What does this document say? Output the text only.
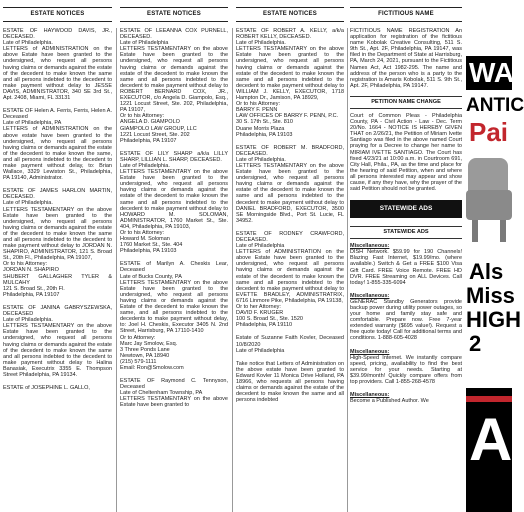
ESTATE NOTICES	ESTATE NOTICES	ESTATE NOTICES	FICTITIOUS NAME

ESTATE OF HAYWOOD DAVIS, JR., DECEASED.
Late of Philadelphia.
LETTERS of ADMINISTRATION on the above Estate have been granted to the undersigned, who request all persons having claims or demands against the estate of the decedent to make known the same and all persons indebted to the decedent to make payment without delay to JESSE DAVIS, ADMINISTRATOR, 340 SE 3rd St., Apt. 2408, Miami, FL 33131

ESTATE OF Helen A. Ferris, Ferris, Helen A. Deceased
Late of Philadelphia, PA
LETTERS of ADMINISTRATION on the above estate have been granted to the undersigned, who request all persons having claims or demands against the estate of the decedent to make known the same, and all persons indebted to the decedent to make payment without delay, to: Brian Wallace, 3329 Lewiston St., Philadelphia, PA 19140, Administrator.

ESTATE OF JAMES HARLON MARTIN, DECEASED.
Late of Philadelphia.
LETTERS TESTAMENTARY on the above Estate have been granted to the undersigned, who request all persons having claims or demands against the estate of the decedent to make known the same and all persons indebted to the decedent to make payment without delay to JORDAN N. SHAPIRO, ADMINISTRATOR, 121 S. Broad St., 20th Fl., Philadelphia, PA 19107,
Or to his Attorney:
JORDAN N. SHAPIRO
SHUBERT GALLAGHER TYLER & MULCAHY
121 S. Broad St., 20th Fl.
Philadelphia, PA 19107

ESTATE OF JANINA GABRYSZEWSKA, DECEASED
Late of Philadelphia.
LETTERS TESTAMENTARY on the above Estate have been granted to the undersigned, who request all persons having claims or demands against the estate of the decedent to make known the same and all persons indebted to the decedent to make payment without delay to Halina Banasiak, Executrix 3355 E. Thompson Street Philadelphia, PA 19134.

ESTATE of JOSEPHINE L. GALLO,

ESTATE OF LEEANNA COX PURNELL, DECEASED.
Late of Philadelphia
LETTERS TESTAMENTARY on the above Estate have been granted to the undersigned, who request all persons having claims or demands against the estate of the decedent to make known the same and all persons indebted to the decedent to make payment without delay to ROBERT BERNARD COX, JR., EXECUTOR, c/o Angela D. Giampolo, Esq., 1221 Locust Street, Ste. 202, Philadelphia, PA 19107,
Or to his Attorney:
ANGELA D. GIAMPOLO
GIAMPOLO LAW GROUP, LLC
1221 Locust Street, Ste. 202
Philadelphia, PA 19107

ESTATE OF LILY SHARP a/k/a LILLY SHARP, LILLIAN L. SHARP, DECEASED.
Late of Philadelphia.
LETTERS TESTAMENTARY on the above Estate have been granted to the undersigned, who request all persons having claims or demands against the estate of the decedent to make known the same and all persons indebted to the decedent to make payment without delay to HOWARD M. SOLOMAN, ADMINISTRATOR, 1760 Market St., Ste. 404, Philadelphia, PA 19103,
Or to his Attorney:
Howard M. Soloman
1760 Market St., Ste. 404
Philadelphia, PA 19103

ESTATE of Marilyn A. Cheskis Lear, Deceased
Late of Bucks County, PA
LETTERS TESTAMENTARY on the above Estate have been granted to the undersigned, who request all persons having claims or demands against the Estate of the decedent to make known the same, and all persons indebted to the decedents to make payment without delay, to: Joel H. Cheskis, Executor 3405 N. 2nd Street, Harrisburg, PA 17110-1410
Or to Attorney:
Marc Jay Smolow, Esq.
3 Three Ponds Lane
Newtown, PA 18940
(215) 579-1111
Email: Ron@Smolow.com

ESTATE OF Raymond C. Tennyson, Deceased
Late of Cheltenham Township, PA
LETTERS TESTAMENTARY on the above Estate have been granted to

ESTATE OF ROBERT A. KELLY, a/k/a ROBERT KELLY, DECEASED.
Late of Philadelphia.
LETTERS TESTAMENTARY on the above Estate have been granted to the undersigned, who request all persons having claims or demands against the estate of the decedent to make known the same and all persons indebted to the decedent to make payment without delay to WILLIAM J. KELLY, EXECUTOR, 1718 Hampton Dr., Jamison, PA 18929,
Or to his Attorney:
BARRY F. PENN
LAW OFFICES OF BARRY F. PENN, P.C.
30 S. 17th St., Ste. 810
Duane Morris Plaza
Philadelphia, PA 19103

ESTATE OF ROBERT M. BRADFORD, DECEASED.
Late of Philadelphia.
LETTERS TESTAMENTARY on the above Estate have been granted to the undersigned, who request all persons having claims or demands against the estate of the decedent to make known the same and all persons indebted to the decedent to make payment without delay to DANIEL BRADFORD, EXECUTOR, 3500 SE Morningside Blvd., Port St. Lucie, FL 34952.

ESTATE OF RODNEY CRAWFORD, DECEASED.
Late of Philadelphia
LETTERS of ADMINISTRATION on the above Estate have been granted to the undersigned, who request all persons having claims or demands against the estate of the decedent to make known the same and all persons indebted to the decedent to make payment without delay to EVETTE BRADLEY, ADMINISTRATRIX, 6716 Linmore Pike, Philadelphia, PA 19138,
Or to her Attorney:
DAVID F. KRUGER
100 S. Broad St., Ste. 1520
Philadelphia, PA 19110

Estate of Suzanne Faith Kovler, Deceased 10/8/2020
Late of Philadelphia

Take notice that Letters of Administration on the above estate have been granted to Edward Kovler 11 Monica Drive Holland, PA 18966, who requests all persons having claims or demands against the estate of the decedent to make known the same and all persons indebted

FICTITIOUS NAME REGISTRATION An application for registration of the fictitious name Kobolak Creative Consulting, 511 S. 9th St., Apt. 2F, Philadelphia, PA 19147, was filed in the Department of State at Harrisburg, PA, March 24, 2021, pursuant to the Fictitious Names Act, Act 1982-295. The name and address of the person who is a party to the registration is Amaris Kobolak, 511 S. 9th St., Apt. 2F, Philadelphia, PA 19147.

PETITION NAME CHANGE

Court of Common Pleas - Philadelphia County, PA - Civil Action - Law - Dec. Term 20/No. 1664 - NOTICE IS HEREBY GIVEN THAT on 2/26/21, the Petition of Miriam Ivette Santiago was filed in the above named Court praying for a Decree to change her name to MIRIAM IVETTE SANTIAGO. The Court has fixed 4/23/21 at 10:00 a.m. in Courtroom 691, City Hall, Phila., PA, as the time and place for the hearing of said Petition, when and where all persons interested may appear and show cause, if any they have, why the prayer of the said Petition should not be granted.

STATEWIDE ADS
STATEWIDE ADS
Miscellaneous:
DISH Network. $59.99 for 190 Channels! Blazing Fast Internet, $19.99/mo. (where available.) Switch & Get a FREE $100 Visa Gift Card. FREE Voice Remote. FREE HD DVR. FREE Streaming on ALL Devices. Call today! 1-855-335-6094
Miscellaneous:
GENERAC Standby Generators provide backup power during utility power outages, so your home and family stay safe and comfortable. Prepare now. Free 7-year extended warranty ($695 value!). Request a free quote today! Call for additional terms and conditions. 1-888-605-4028
Miscellaneous:
High-Speed Internet. We instantly compare speed, pricing, availability to find the best service for your needs. Starting at $39.99/month! Quickly compare offers from top providers. Call 1-855-268-4578
Miscellaneous:
Become a Published Author. We
WA
ANTIC
Pai
Als
Miss
HIGH
2
A
